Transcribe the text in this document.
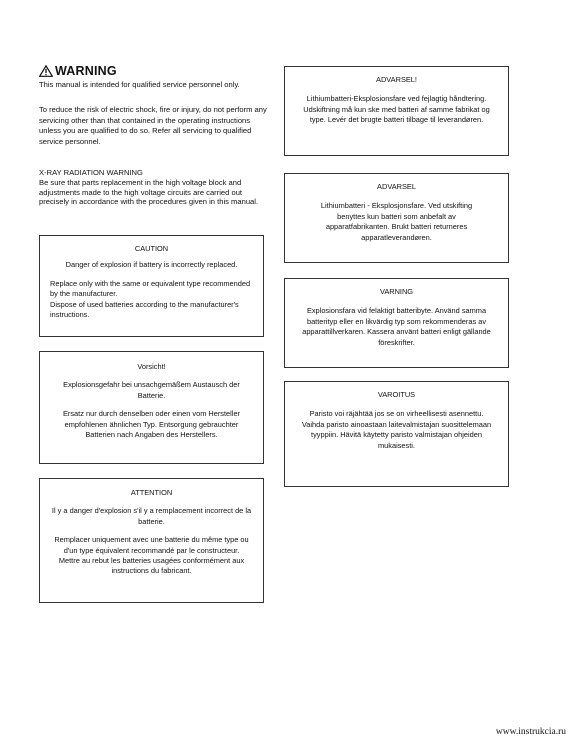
WARNING
This manual is intended for qualified service personnel only.
To reduce the risk of electric shock, fire or injury, do not perform any servicing other than that contained in the operating instructions unless you are qualified to do so. Refer all servicing to qualified service personnel.
X-RAY RADIATION WARNING
Be sure that parts replacement in the high voltage block and adjustments made to the high voltage circuits are carried out precisely in accordance with the procedures given in this manual.
CAUTION
Danger of explosion if battery is incorrectly replaced.
Replace only with the same or equivalent type recommended by the manufacturer.
Dispose of used batteries according to the manufacturer's instructions.
Vorsicht!
Explosionsgefahr bei unsachgemäßem Austausch der Batterie.
Ersatz nur durch denselben oder einen vom Hersteller empfohlenen ähnlichen Typ. Entsorgung gebrauchter Batterien nach Angaben des Herstellers.
ATTENTION
Il y a danger d'explosion s'il y a remplacement incorrect de la batterie.
Remplacer uniquement avec une batterie du même type ou d'un type équivalent recommandé par le constructeur.
Mettre au rebut les batteries usagées conformément aux instructions du fabricant.
ADVARSEL!
Lithiumbatteri-Eksplosionsfare ved fejlagtig håndtering. Udskiftning må kun ske med batteri af samme fabrikat og type. Levér det brugte batteri tilbage til leverandøren.
ADVARSEL
Lithiumbatteri - Eksplosjonsfare. Ved utskifting benyttes kun batteri som anbefalt av apparatfabrikanten. Brukt batteri returneres apparatleverandøren.
VARNING
Explosionsfara vid felaktigt batteribyte. Använd samma batterityp eller en likvärdig typ som rekommenderas av apparattillverkaren. Kassera använt batteri enligt gällande föreskrifter.
VAROITUS
Paristo voi räjähtää jos se on virheellisesti asennettu. Vaihda paristo ainoastaan laitevalmistajan suosittelemaan tyyppiin. Hävitä käytetty paristo valmistajan ohjeiden mukaisesti.
www.instrukcia.ru
